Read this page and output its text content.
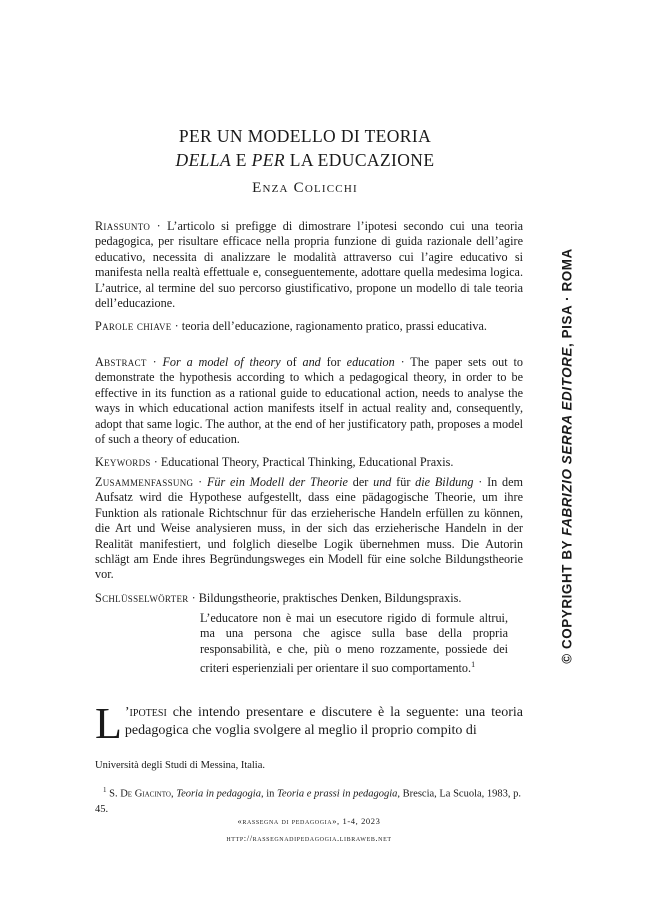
PER UN MODELLO DI TEORIA
DELLA E PER LA EDUCAZIONE
Enza Colicchi
Riassunto · L’articolo si prefigge di dimostrare l’ipotesi secondo cui una teoria pedagogica, per risultare efficace nella propria funzione di guida razionale dell’agire educativo, necessita di analizzare le modalità attraverso cui l’agire educativo si manifesta nella realtà effettuale e, conseguentemente, adottare quella medesima logica. L’autrice, al termine del suo percorso giustificativo, propone un modello di tale teoria dell’educazione.
Parole chiave · teoria dell’educazione, ragionamento pratico, prassi educativa.
Abstract · For a model of theory of and for education · The paper sets out to demonstrate the hypothesis according to which a pedagogical theory, in order to be effective in its function as a rational guide to educational action, needs to analyse the ways in which educational action manifests itself in actual reality and, consequently, adopt that same logic. The author, at the end of her justificatory path, proposes a model of such a theory of education.
Keywords · Educational Theory, Practical Thinking, Educational Praxis.
Zusammenfassung · Für ein Modell der Theorie der und für die Bildung · In dem Aufsatz wird die Hypothese aufgestellt, dass eine pädagogische Theorie, um ihre Funktion als rationale Richtschnur für das erzieherische Handeln erfüllen zu können, die Art und Weise analysieren muss, in der sich das erzieherische Handeln in der Realität manifestiert, und folglich dieselbe Logik übernehmen muss. Die Autorin schlägt am Ende ihres Begründungsweges ein Modell für eine solche Bildungstheorie vor.
Schlüsselwörter · Bildungstheorie, praktisches Denken, Bildungspraxis.
L’educatore non è mai un esecutore rigido di formule altrui, ma una persona che agisce sulla base della propria responsabilità, e che, più o meno rozzamente, possiede dei criteri esperienziali per orientare il suo comportamento.$^1$
L ’ipotesi che intendo presentare e discutere è la seguente: una teoria pedagogica che voglia svolgere al meglio il proprio compito di

Università degli Studi di Messina, Italia.

$^1$ S. De Giacinto, Teoria in pedagogia, in Teoria e prassi in pedagogia, Brescia, La Scuola, 1983, p. 45.

«rassegna di pedagogia», 1-4, 2023
http://rassegnadipedagogia.libraweb.net
© COPYRIGHT BY FABRIZIO SERRA EDITORE, PISA · ROMA
